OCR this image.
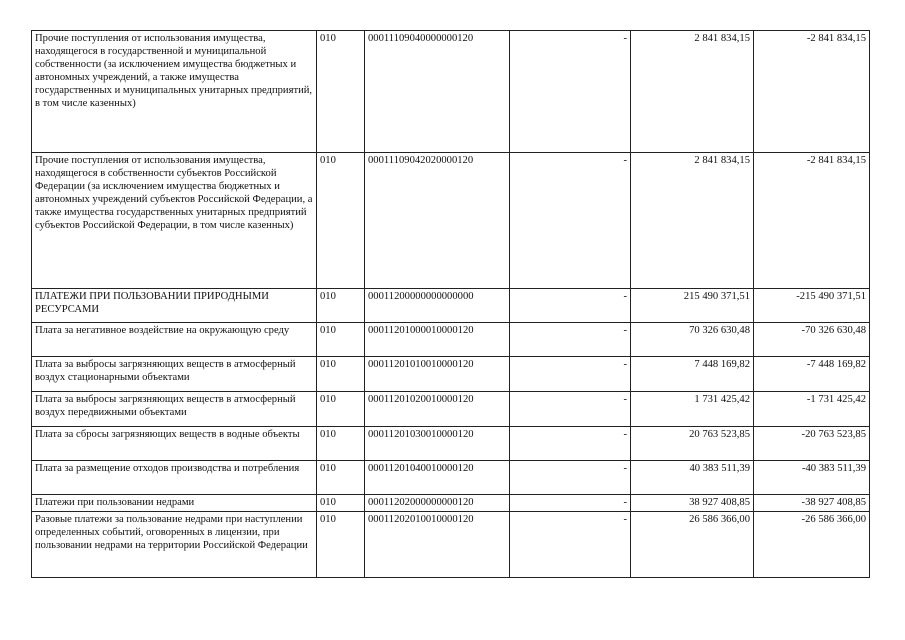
Прочие поступления от использования имущества, находящегося в государственной и муниципальной собственности (за исключением имущества бюджетных и автономных учреждений, а также имущества государственных и муниципальных унитарных предприятий, в том числе казенных)	010	00011109040000000120	-	2 841 834,15	-2 841 834,15
Прочие поступления от использования имущества, находящегося в собственности субъектов Российской Федерации (за исключением имущества бюджетных и автономных учреждений субъектов Российской Федерации, а также имущества государственных унитарных предприятий субъектов Российской Федерации, в том числе казенных)	010	00011109042020000120	-	2 841 834,15	-2 841 834,15
ПЛАТЕЖИ ПРИ ПОЛЬЗОВАНИИ ПРИРОДНЫМИ РЕСУРСАМИ	010	00011200000000000000	-	215 490 371,51	-215 490 371,51
Плата за негативное воздействие на окружающую среду	010	00011201000010000120	-	70 326 630,48	-70 326 630,48
Плата за выбросы загрязняющих веществ в атмосферный воздух стационарными объектами	010	00011201010010000120	-	7 448 169,82	-7 448 169,82
Плата за выбросы загрязняющих веществ в атмосферный воздух передвижными объектами	010	00011201020010000120	-	1 731 425,42	-1 731 425,42
Плата за сбросы загрязняющих веществ в водные объекты	010	00011201030010000120	-	20 763 523,85	-20 763 523,85
Плата за размещение отходов производства и потребления	010	00011201040010000120	-	40 383 511,39	-40 383 511,39
Платежи при пользовании недрами	010	00011202000000000120	-	38 927 408,85	-38 927 408,85
Разовые платежи за пользование недрами при наступлении определенных событий, оговоренных в лицензии, при пользовании недрами на территории Российской Федерации	010	00011202010010000120	-	26 586 366,00	-26 586 366,00
